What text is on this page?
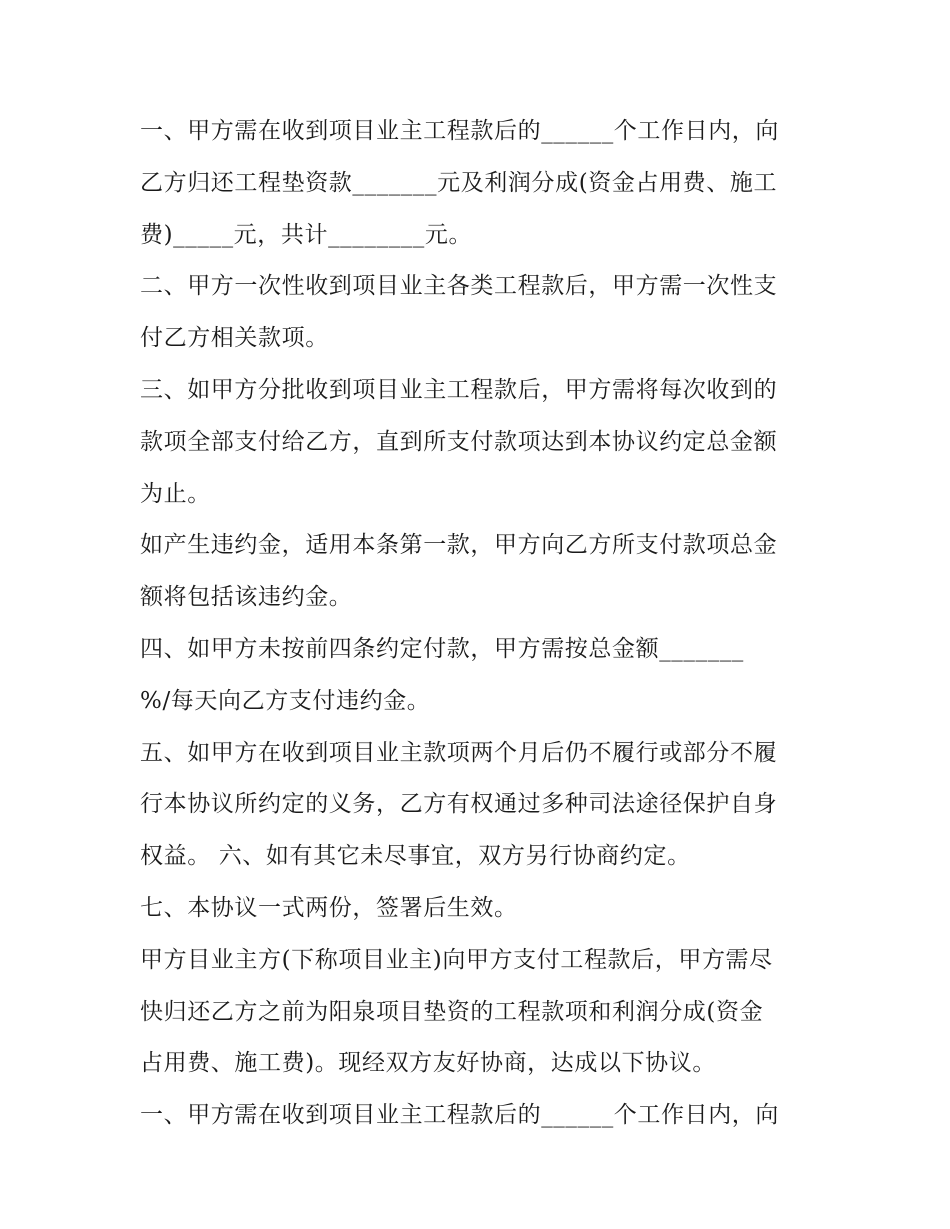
一、甲方需在收到项目业主工程款后的______个工作日内，向
乙方归还工程垫资款_______元及利润分成(资金占用费、施工
费)_____元，共计________元。
二、甲方一次性收到项目业主各类工程款后，甲方需一次性支
付乙方相关款项。
三、如甲方分批收到项目业主工程款后，甲方需将每次收到的
款项全部支付给乙方，直到所支付款项达到本协议约定总金额
为止。
如产生违约金，适用本条第一款，甲方向乙方所支付款项总金
额将包括该违约金。
四、如甲方未按前四条约定付款，甲方需按总金额_______
%/每天向乙方支付违约金。
五、如甲方在收到项目业主款项两个月后仍不履行或部分不履
行本协议所约定的义务，乙方有权通过多种司法途径保护自身
权益。 六、如有其它未尽事宜，双方另行协商约定。
七、本协议一式两份，签署后生效。
甲方目业主方(下称项目业主)向甲方支付工程款后，甲方需尽
快归还乙方之前为阳泉项目垫资的工程款项和利润分成(资金
占用费、施工费)。现经双方友好协商，达成以下协议。
一、甲方需在收到项目业主工程款后的______个工作日内，向
